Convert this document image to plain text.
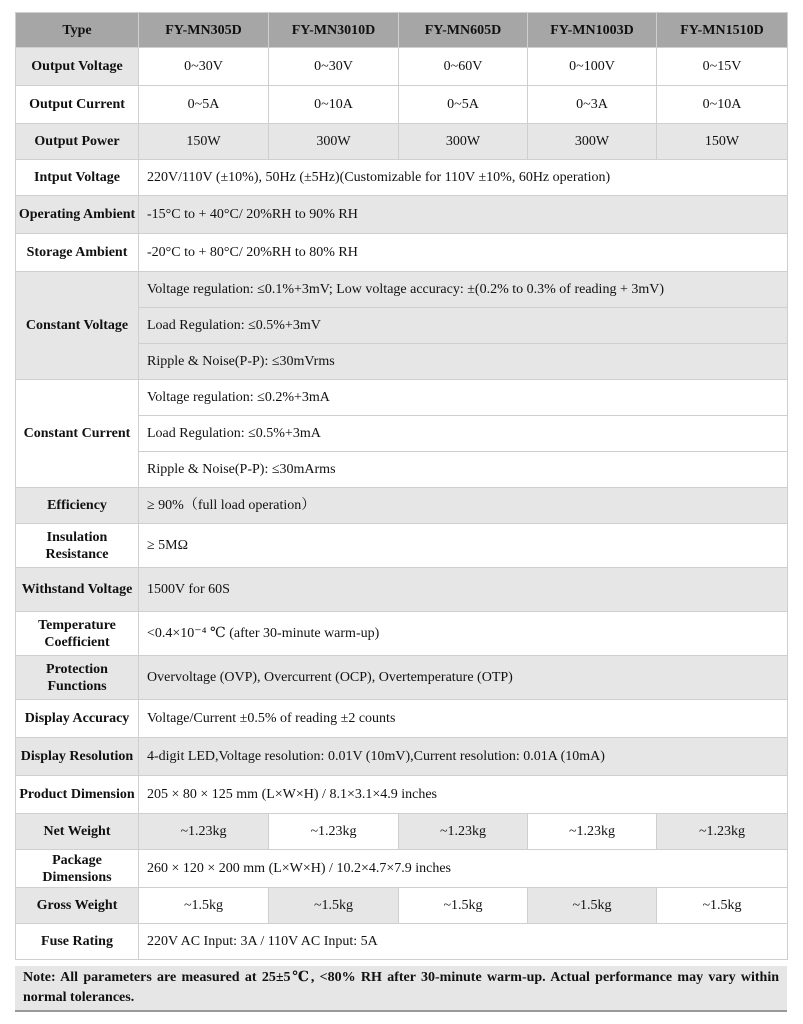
Type	FY-MN305D	FY-MN3010D	FY-MN605D	FY-MN1003D	FY-MN1510D
Output Voltage	0~30V	0~30V	0~60V	0~100V	0~15V
Output Current	0~5A	0~10A	0~5A	0~3A	0~10A
Output Power	150W	300W	300W	300W	150W
Intput Voltage	220V/110V (±10%), 50Hz (±5Hz)(Customizable for 110V ±10%, 60Hz operation)				
Operating Ambient	-15°C to + 40°C/ 20%RH to 90% RH				
Storage Ambient	-20°C to + 80°C/ 20%RH to 80% RH				
Constant Voltage	Voltage regulation: ≤0.1%+3mV; Low voltage accuracy: ±(0.2% to 0.3% of reading + 3mV)				
	Load Regulation: ≤0.5%+3mV				
	Ripple & Noise(P-P): ≤30mVrms				
Constant Current	Voltage regulation: ≤0.2%+3mA				
	Load Regulation: ≤0.5%+3mA				
	Ripple & Noise(P-P): ≤30mArms				
Efficiency	≥ 90%（full load operation）				
Insulation Resistance	≥ 5MΩ				
Withstand Voltage	1500V for 60S				
Temperature Coefficient	<0.4×10⁻⁴ ℃ (after 30-minute warm-up)				
Protection Functions	Overvoltage (OVP), Overcurrent (OCP), Overtemperature (OTP)				
Display Accuracy	Voltage/Current ±0.5% of reading ±2 counts				
Display Resolution	4-digit LED,Voltage resolution: 0.01V (10mV),Current resolution: 0.01A (10mA)				
Product Dimension	205 × 80 × 125 mm (L×W×H) / 8.1×3.1×4.9 inches				
Net Weight	~1.23kg	~1.23kg	~1.23kg	~1.23kg	~1.23kg
Package Dimensions	260 × 120 × 200 mm (L×W×H) / 10.2×4.7×7.9 inches				
Gross Weight	~1.5kg	~1.5kg	~1.5kg	~1.5kg	~1.5kg
Fuse Rating	220V AC Input: 3A / 110V AC Input: 5A				
Note: All parameters are measured at 25±5℃, <80% RH after 30-minute warm-up. Actual performance may vary within normal tolerances.
